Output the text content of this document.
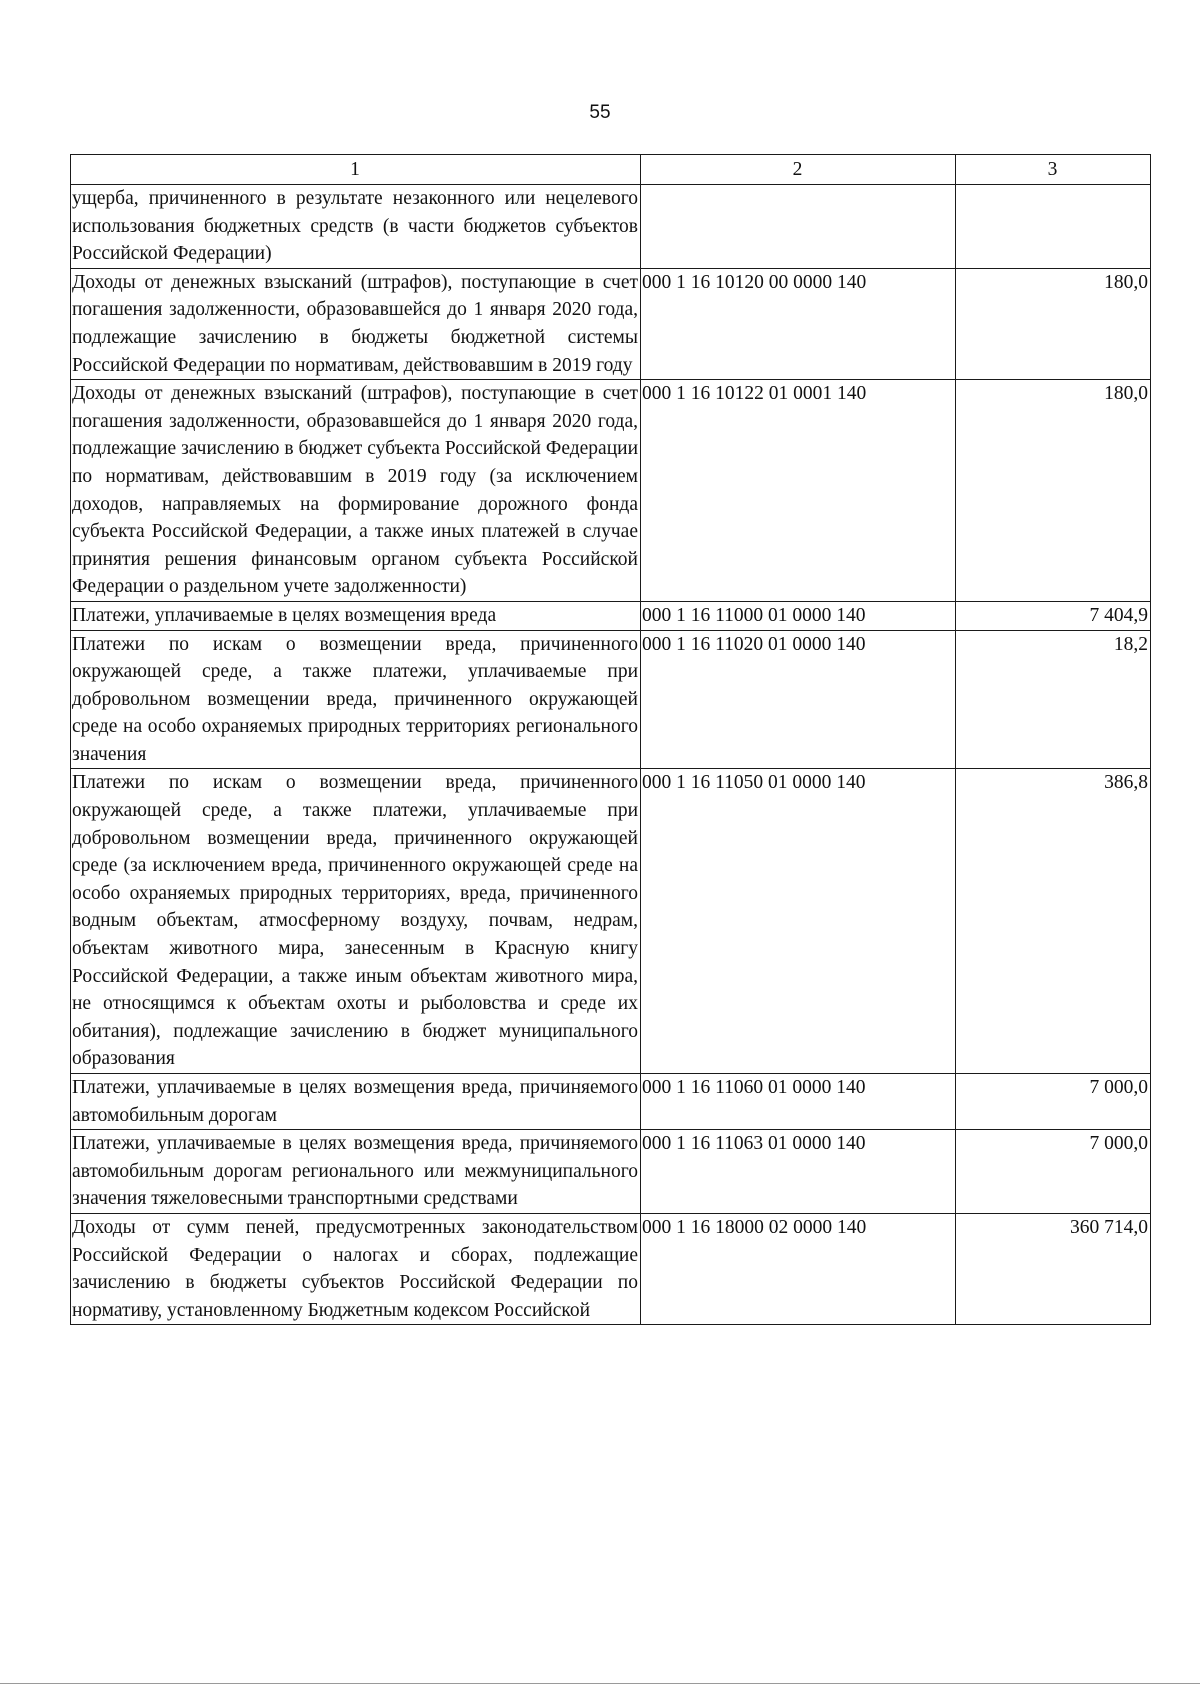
55
1	2	3
ущерба, причиненного в результате незаконного или нецелевого использования бюджетных средств (в части бюджетов субъектов Российской Федерации)		
Доходы от денежных взысканий (штрафов), поступающие в счет погашения задолженности, образовавшейся до 1 января 2020 года, подлежащие зачислению в бюджеты бюджетной системы Российской Федерации по нормативам, действовавшим в 2019 году	000 1 16 10120 00 0000 140	180,0
Доходы от денежных взысканий (штрафов), поступающие в счет погашения задолженности, образовавшейся до 1 января 2020 года, подлежащие зачислению в бюджет субъекта Российской Федерации по нормативам, действовавшим в 2019 году (за исключением доходов, направляемых на формирование дорожного фонда субъекта Российской Федерации, а также иных платежей в случае принятия решения финансовым органом субъекта Российской Федерации о раздельном учете задолженности)	000 1 16 10122 01 0001 140	180,0
Платежи, уплачиваемые в целях возмещения вреда	000 1 16 11000 01 0000 140	7 404,9
Платежи по искам о возмещении вреда, причиненного окружающей среде, а также платежи, уплачиваемые при добровольном возмещении вреда, причиненного окружающей среде на особо охраняемых природных территориях регионального значения	000 1 16 11020 01 0000 140	18,2
Платежи по искам о возмещении вреда, причиненного окружающей среде, а также платежи, уплачиваемые при добровольном возмещении вреда, причиненного окружающей среде (за исключением вреда, причиненного окружающей среде на особо охраняемых природных территориях, вреда, причиненного водным объектам, атмосферному воздуху, почвам, недрам, объектам животного мира, занесенным в Красную книгу Российской Федерации, а также иным объектам животного мира, не относящимся к объектам охоты и рыболовства и среде их обитания), подлежащие зачислению в бюджет муниципального образования	000 1 16 11050 01 0000 140	386,8
Платежи, уплачиваемые в целях возмещения вреда, причиняемого автомобильным дорогам	000 1 16 11060 01 0000 140	7 000,0
Платежи, уплачиваемые в целях возмещения вреда, причиняемого автомобильным дорогам регионального или межмуниципального значения тяжеловесными транспортными средствами	000 1 16 11063 01 0000 140	7 000,0
Доходы от сумм пеней, предусмотренных законодательством Российской Федерации о налогах и сборах, подлежащие зачислению в бюджеты субъектов Российской Федерации по нормативу, установленному Бюджетным кодексом Российской	000 1 16 18000 02 0000 140	360 714,0
